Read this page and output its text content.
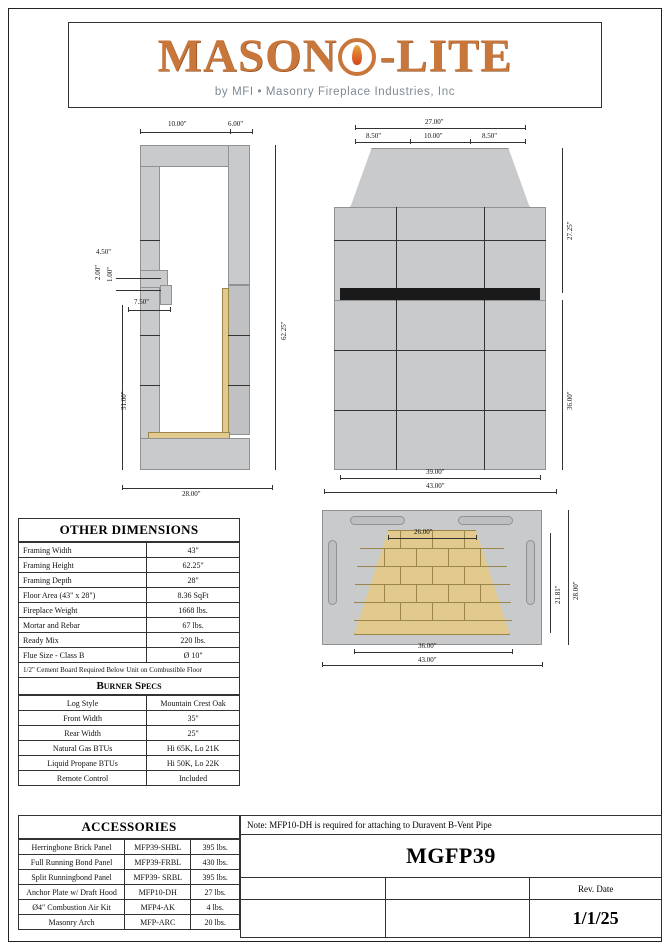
MASON - LITE
by MFI • Masonry Fireplace Industries, Inc
10.00"	6.00"
4.50"
2.00" 1.00"
7.50"
62.25"
31.00"
28.00"
27.00"
8.50"	10.00"	8.50"
27.25"
36.00"
39.00"
43.00"
26.00"
21.81" 28.00"
36.00"
43.00"
OTHER DIMENSIONS
Framing Width	43"
Framing Height	62.25"
Framing Depth	28"
Floor Area (43" x 28")	8.36 SqFt
Fireplace Weight	1668 lbs.
Mortar and Rebar	67 lbs.
Ready Mix	220 lbs.
Flue Size - Class B	Ø 10"
1/2" Cement Board Required Below Unit on Combustible Floor	
Burner Specs
Log Style	Mountain Crest Oak
Front Width	35"
Rear Width	25"
Natural Gas BTUs	Hi 65K, Lo 21K
Liquid Propane BTUs	Hi 50K, Lo 22K
Remote Control	Included
ACCESSORIES
Herringbone Brick Panel	MFP39-SHBL	395 lbs.
Full Running Bond Panel	MFP39-FRBL	430 lbs.
Split Runningbond Panel	MFP39- SRBL	395 lbs.
Anchor Plate w/ Draft Hood	MFP10-DH	27 lbs.
Ø4" Combustion Air Kit	MFP4-AK	4 lbs.
Masonry Arch	MFP-ARC	20 lbs.
Note: MFP10-DH is required for attaching to Duravent B-Vent Pipe
MGFP39
Rev. Date
1/1/25
